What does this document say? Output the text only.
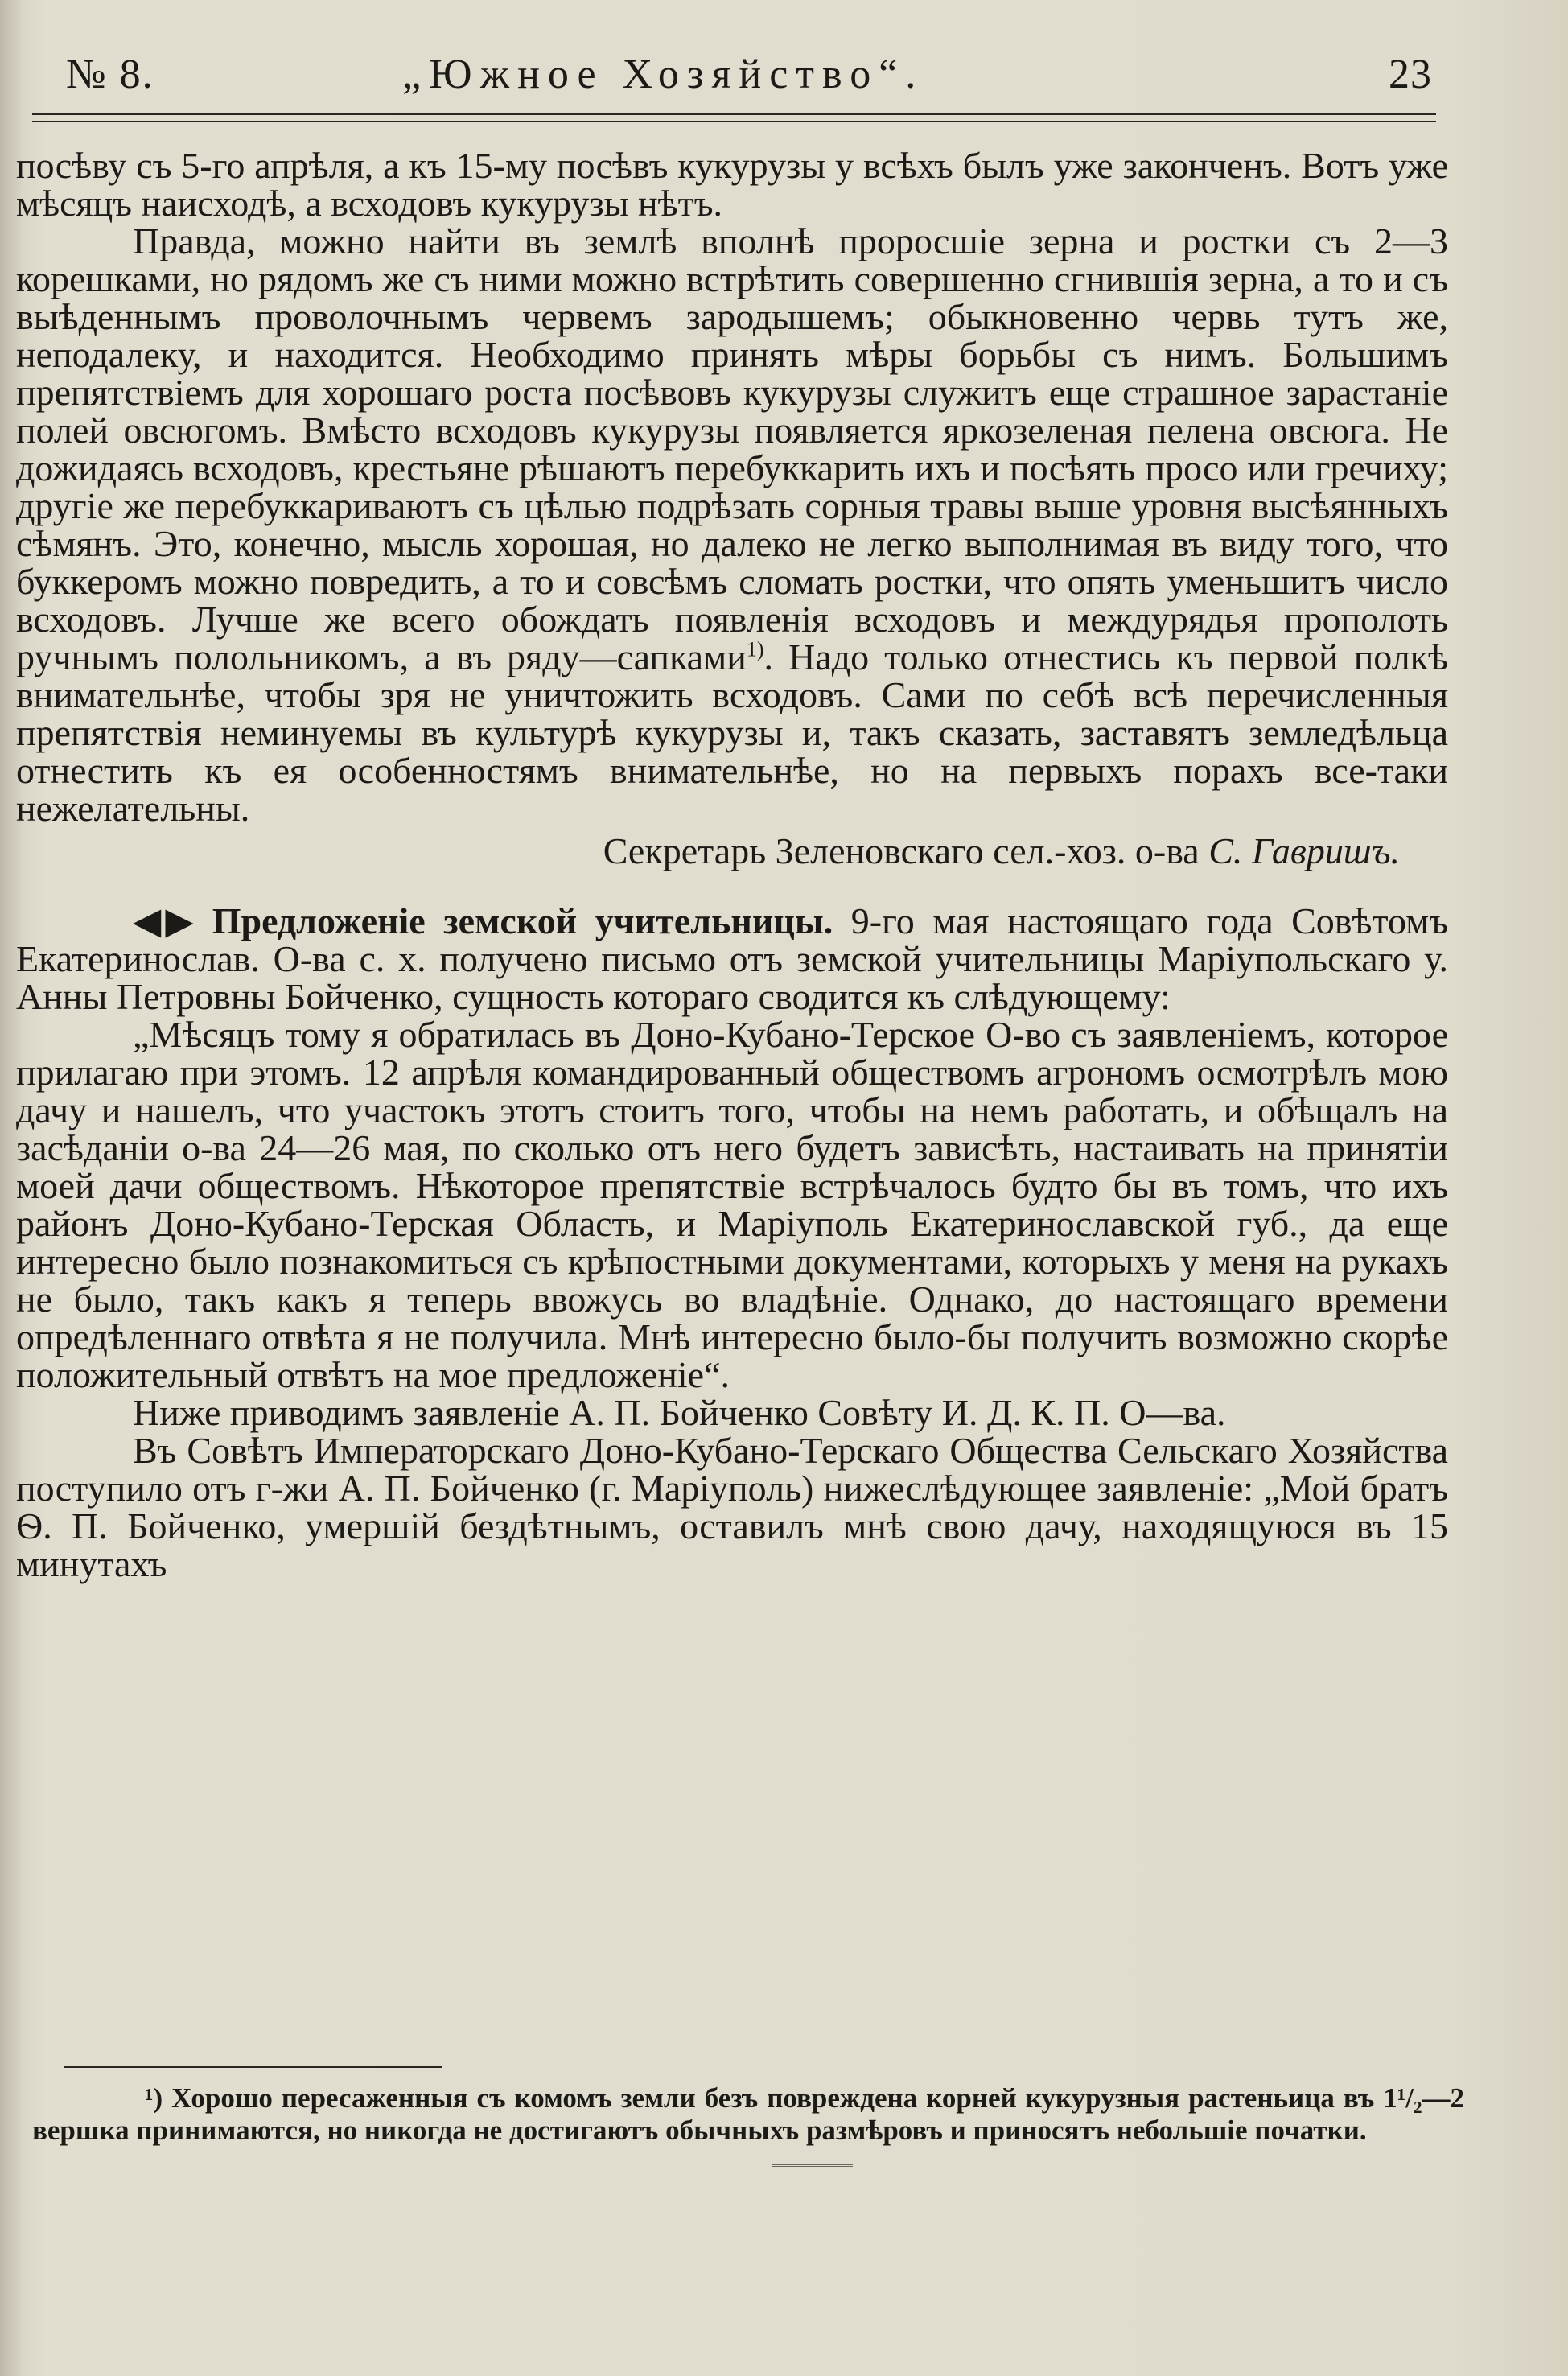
№ 8.	„Южное Хозяйство“.	23

посѣву съ 5-го апрѣля, а къ 15-му посѣвъ кукурузы у всѣхъ былъ уже законченъ. Вотъ уже мѣсяцъ наисходѣ, а всходовъ кукурузы нѣтъ.

Правда, можно найти въ землѣ вполнѣ проросшіе зерна и ростки съ 2—3 корешками, но рядомъ же съ ними можно встрѣтить совершенно сгнившія зерна, а то и съ выѣденнымъ проволочнымъ червемъ зародышемъ; обыкновенно червь тутъ же, неподалеку, и находится. Необходимо принять мѣры борьбы съ нимъ. Большимъ препятствіемъ для хорошаго роста посѣвовъ кукурузы служитъ еще страшное зарастаніе полей овсюгомъ. Вмѣсто всходовъ кукурузы появляется яркозеленая пелена овсюга. Не дожидаясь всходовъ, крестьяне рѣшаютъ перебуккарить ихъ и посѣять просо или гречиху; другіе же перебуккариваютъ съ цѣлью подрѣзать сорныя травы выше уровня высѣянныхъ сѣмянъ. Это, конечно, мысль хорошая, но далеко не легко выполнимая въ виду того, что буккеромъ можно повредить, а то и совсѣмъ сломать ростки, что опять уменьшитъ число всходовъ. Лучше же всего обождать появленія всходовъ и междурядья прополоть ручнымъ полольникомъ, а въ ряду—сапками$^{1)}$. Надо только отнестись къ первой полкѣ внимательнѣе, чтобы зря не уничтожить всходовъ. Сами по себѣ всѣ перечисленныя препятствія неминуемы въ культурѣ кукурузы и, такъ сказать, заставятъ земледѣльца отнестить къ ея особенностямъ внимательнѣе, но на первыхъ порахъ все-таки нежелательны.

Секретарь Зеленовскаго сел.-хоз. о-ва С. Гавришъ.

◀▶ Предложеніе земской учительницы. 9-го мая настоящаго года Совѣтомъ Екатеринослав. О-ва с. х. получено письмо отъ земской учительницы Маріупольскаго у. Анны Петровны Бойченко, сущность котораго сводится къ слѣдующему:

„Мѣсяцъ тому я обратилась въ Доно-Кубано-Терское О-во съ заявленіемъ, которое прилагаю при этомъ. 12 апрѣля командированный обществомъ агрономъ осмотрѣлъ мою дачу и нашелъ, что участокъ этотъ стоитъ того, чтобы на немъ работать, и обѣщалъ на засѣданіи о-ва 24—26 мая, по сколько отъ него будетъ зависѣть, настаивать на принятіи моей дачи обществомъ. Нѣкоторое препятствіе встрѣчалось будто бы въ томъ, что ихъ районъ Доно-Кубано-Терская Область, и Маріуполь Екатеринославской губ., да еще интересно было познакомиться съ крѣпостными документами, которыхъ у меня на рукахъ не было, такъ какъ я теперь ввожусь во владѣніе. Однако, до настоящаго времени опредѣленнаго отвѣта я не получила. Мнѣ интересно было-бы получить возможно скорѣе положительный отвѣтъ на мое предложеніе“.

Ниже приводимъ заявленіе А. П. Бойченко Совѣту И. Д. К. П. О—ва.

Въ Совѣтъ Императорскаго Доно-Кубано-Терскаго Общества Сельскаго Хозяйства поступило отъ г-жи А. П. Бойченко (г. Маріуполь) нижеслѣдующее заявленіе: „Мой братъ Ѳ. П. Бойченко, умершій бездѣтнымъ, оставилъ мнѣ свою дачу, находящуюся въ 15 минутахъ

¹) Хорошо пересаженныя съ комомъ земли безъ повреждена корней кукурузныя растеньица въ 1¹/₂—2 вершка принимаются, но никогда не достигаютъ обычныхъ размѣровъ и приносятъ небольшіе початки.
